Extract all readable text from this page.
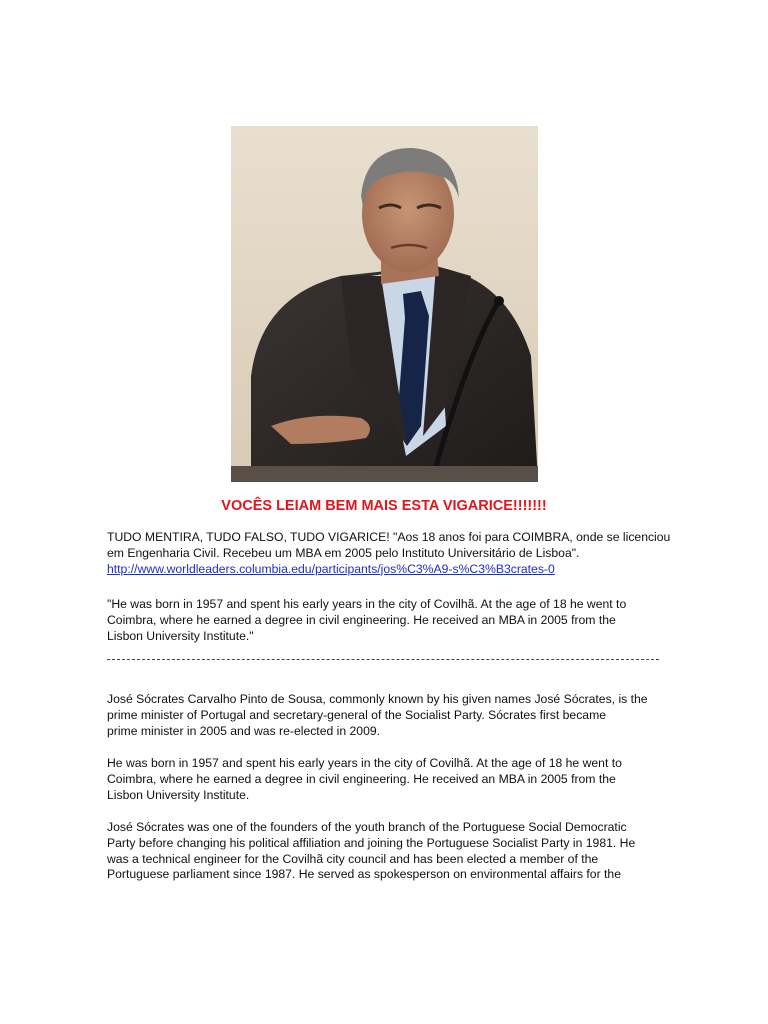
VOCÊS LEIAM BEM MAIS ESTA VIGARICE!!!!!!!

TUDO MENTIRA, TUDO FALSO, TUDO VIGARICE! "Aos 18 anos foi para COIMBRA, onde se licenciou
em Engenharia Civil. Recebeu um MBA em 2005 pelo Instituto Universitário de Lisboa".
http://www.worldleaders.columbia.edu/participants/jos%C3%A9-s%C3%B3crates-0

"He was born in 1957 and spent his early years in the city of Covilhã. At the age of 18 he went to
Coimbra, where he earned a degree in civil engineering. He received an MBA in 2005 from the
Lisbon University Institute."

José Sócrates Carvalho Pinto de Sousa, commonly known by his given names José Sócrates, is the
prime minister of Portugal and secretary-general of the Socialist Party. Sócrates first became
prime minister in 2005 and was re-elected in 2009.

He was born in 1957 and spent his early years in the city of Covilhã. At the age of 18 he went to
Coimbra, where he earned a degree in civil engineering. He received an MBA in 2005 from the
Lisbon University Institute.

José Sócrates was one of the founders of the youth branch of the Portuguese Social Democratic
Party before changing his political affiliation and joining the Portuguese Socialist Party in 1981. He
was a technical engineer for the Covilhã city council and has been elected a member of the
Portuguese parliament since 1987. He served as spokesperson on environmental affairs for the
